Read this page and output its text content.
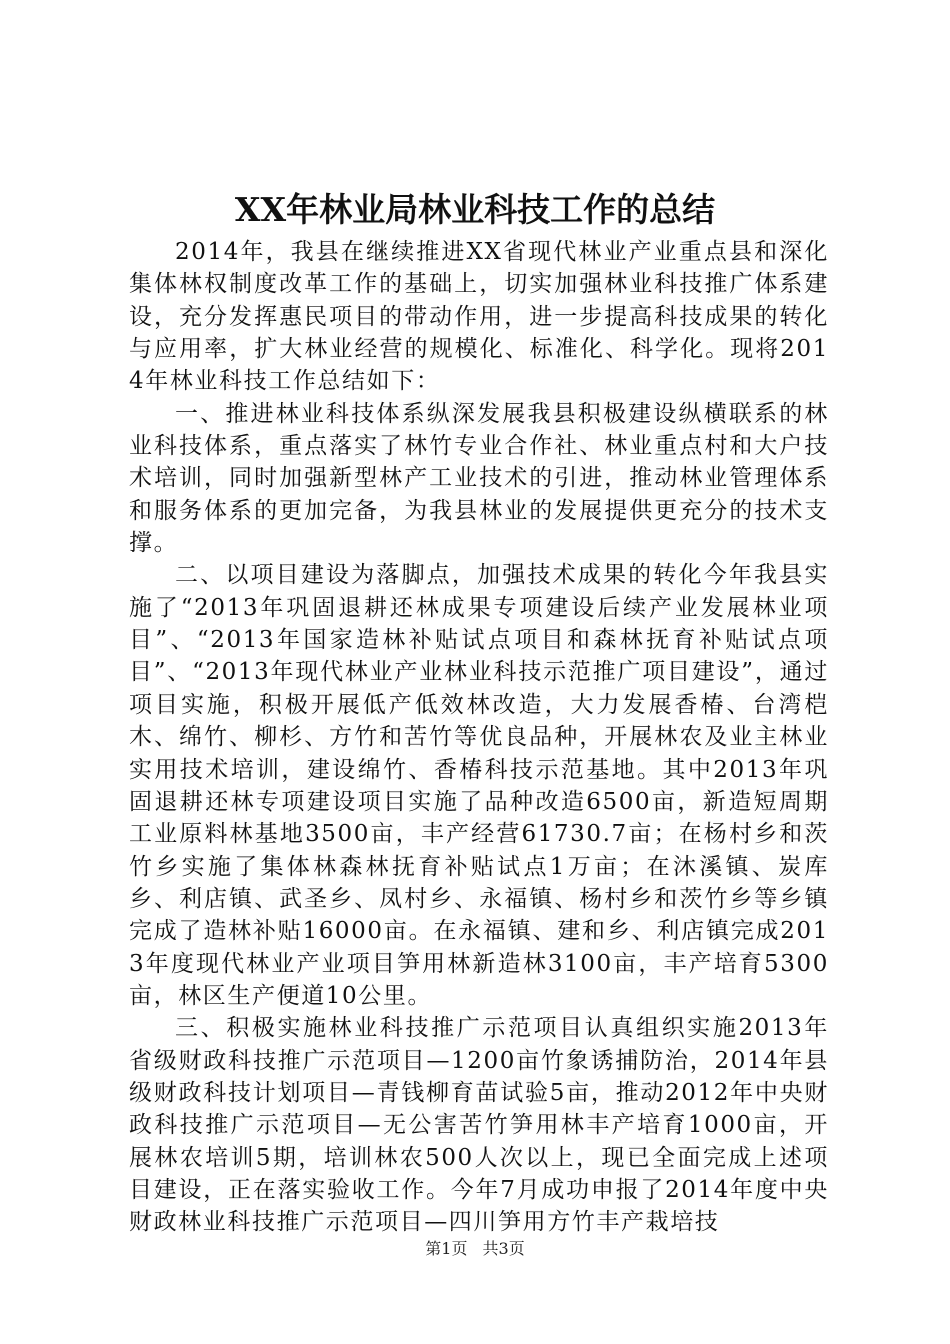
XX年林业局林业科技工作的总结

2014年，我县在继续推进XX省现代林业产业重点县和深化集体林权制度改革工作的基础上，切实加强林业科技推广体系建设，充分发挥惠民项目的带动作用，进一步提高科技成果的转化与应用率，扩大林业经营的规模化、标准化、科学化。现将2014年林业科技工作总结如下：

一、推进林业科技体系纵深发展我县积极建设纵横联系的林业科技体系，重点落实了林竹专业合作社、林业重点村和大户技术培训，同时加强新型林产工业技术的引进，推动林业管理体系和服务体系的更加完备，为我县林业的发展提供更充分的技术支撑。

二、以项目建设为落脚点，加强技术成果的转化今年我县实施了“2013年巩固退耕还林成果专项建设后续产业发展林业项目”、“2013年国家造林补贴试点项目和森林抚育补贴试点项目”、“2013年现代林业产业林业科技示范推广项目建设”，通过项目实施，积极开展低产低效林改造，大力发展香椿、台湾桤木、绵竹、柳杉、方竹和苦竹等优良品种，开展林农及业主林业实用技术培训，建设绵竹、香椿科技示范基地。其中2013年巩固退耕还林专项建设项目实施了品种改造6500亩，新造短周期工业原料林基地3500亩，丰产经营61730.7亩；在杨村乡和茨竹乡实施了集体林森林抚育补贴试点1万亩；在沐溪镇、炭库乡、利店镇、武圣乡、凤村乡、永福镇、杨村乡和茨竹乡等乡镇完成了造林补贴16000亩。在永福镇、建和乡、利店镇完成2013年度现代林业产业项目笋用林新造林3100亩，丰产培育5300亩，林区生产便道10公里。

三、积极实施林业科技推广示范项目认真组织实施2013年省级财政科技推广示范项目—1200亩竹象诱捕防治，2014年县级财政科技计划项目—青钱柳育苗试验5亩，推动2012年中央财政科技推广示范项目—无公害苦竹笋用林丰产培育1000亩，开展林农培训5期，培训林农500人次以上，现已全面完成上述项目建设，正在落实验收工作。今年7月成功申报了2014年度中央财政林业科技推广示范项目—四川笋用方竹丰产栽培技

第1页 共3页
